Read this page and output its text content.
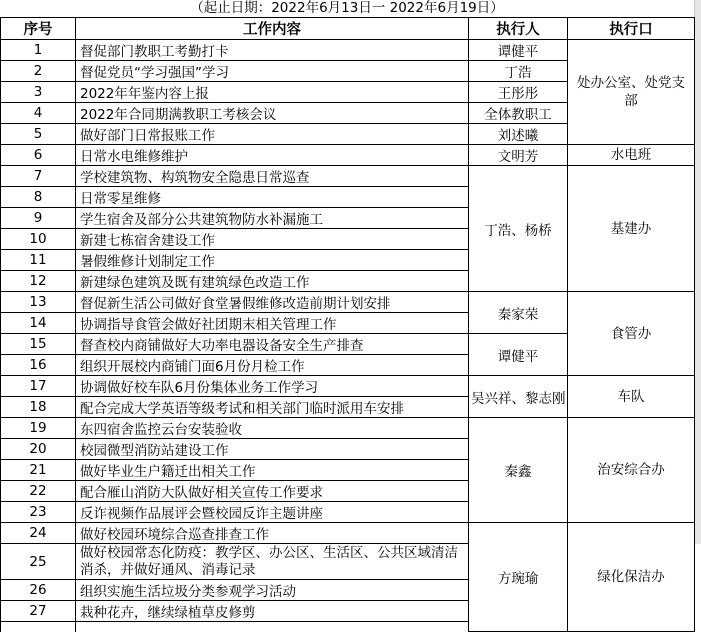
（起止日期：2022年6月13日一 2022年6月19日）
序号	工作内容	执行人	执行口
1	督促部门教职工考勤打卡	谭健平	处办公室、处党支部
2	督促党员“学习强国”学习	丁浩	
3	2022年年鉴内容上报	王彤彤	
4	2022年合同期满教职工考核会议	全体教职工	
5	做好部门日常报账工作	刘述曦	
6	日常水电维修维护	文明芳	水电班
7	学校建筑物、构筑物安全隐患日常巡查	丁浩、杨桥	基建办
8	日常零星维修		
9	学生宿舍及部分公共建筑物防水补漏施工		
10	新建七栋宿舍建设工作		
11	暑假维修计划制定工作		
12	新建绿色建筑及既有建筑绿色改造工作		
13	督促新生活公司做好食堂暑假维修改造前期计划安排	秦家荣	食管办
14	协调指导食管会做好社团期末相关管理工作		
15	督查校内商铺做好大功率电器设备安全生产排查	谭健平	
16	组织开展校内商铺门面6月份月检工作		
17	协调做好校车队6月份集体业务工作学习	吴兴祥、黎志刚	车队
18	配合完成大学英语等级考试和相关部门临时派用车安排		
19	东四宿舍监控云台安装验收	秦鑫	治安综合办
20	校园微型消防站建设工作		
21	做好毕业生户籍迁出相关工作		
22	配合雁山消防大队做好相关宣传工作要求		
23	反诈视频作品展评会暨校园反诈主题讲座		
24	做好校园环境综合巡查排查工作	方琬瑜	绿化保洁办
25	做好校园常态化防疫：教学区、办公区、生活区、公共区域清洁消杀，并做好通风、消毒记录		
26	组织实施生活垃圾分类参观学习活动		
27	栽种花卉，继续绿植草皮修剪		
